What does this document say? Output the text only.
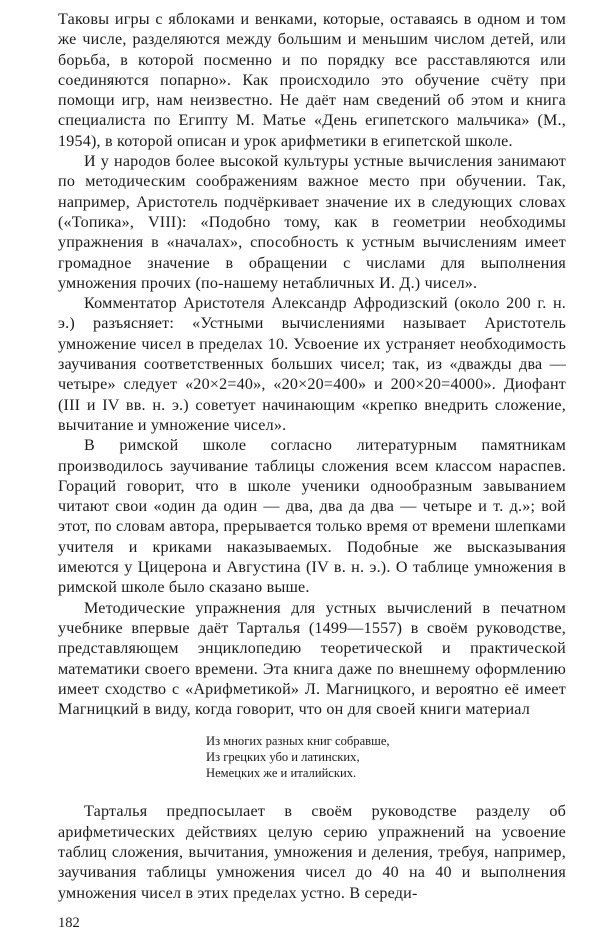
Таковы игры с яблоками и венками, которые, оставаясь в одном и том же числе, разделяются между большим и меньшим числом детей, или борьба, в которой посменно и по порядку все расставляются или соединяются попарно». Как происходило это обучение счёту при помощи игр, нам неизвестно. Не даёт нам сведений об этом и книга специалиста по Египту М. Матье «День египетского мальчика» (М., 1954), в которой описан и урок арифметики в египетской школе.

И у народов более высокой культуры устные вычисления занимают по методическим соображениям важное место при обучении. Так, например, Аристотель подчёркивает значение их в следующих словах («Топика», VIII): «Подобно тому, как в геометрии необходимы упражнения в «началах», способность к устным вычислениям имеет громадное значение в обращении с числами для выполнения умножения прочих (по-нашему нетабличных И. Д.) чисел».

Комментатор Аристотеля Александр Афродизский (около 200 г. н. э.) разъясняет: «Устными вычислениями называет Аристотель умножение чисел в пределах 10. Усвоение их устраняет необходимость заучивания соответственных больших чисел; так, из «дважды два — четыре» следует «20×2=40», «20×20=400» и 200×20=4000». Диофант (III и IV вв. н. э.) советует начинающим «крепко внедрить сложение, вычитание и умножение чисел».

В римской школе согласно литературным памятникам производилось заучивание таблицы сложения всем классом нараспев. Гораций говорит, что в школе ученики однообразным завыванием читают свои «один да один — два, два да два — четыре и т. д.»; вой этот, по словам автора, прерывается только время от времени шлепками учителя и криками наказываемых. Подобные же высказывания имеются у Цицерона и Августина (IV в. н. э.). О таблице умножения в римской школе было сказано выше.

Методические упражнения для устных вычислений в печатном учебнике впервые даёт Тарталья (1499—1557) в своём руководстве, представляющем энциклопедию теоретической и практической математики своего времени. Эта книга даже по внешнему оформлению имеет сходство с «Арифметикой» Л. Магницкого, и вероятно её имеет Магницкий в виду, когда говорит, что он для своей книги материал

Из многих разных книг собравше,
Из грецких убо и латинских,
Немецких же и италийских.

Тарталья предпосылает в своём руководстве разделу об арифметических действиях целую серию упражнений на усвоение таблиц сложения, вычитания, умножения и деления, требуя, например, заучивания таблицы умножения чисел до 40 на 40 и выполнения умножения чисел в этих пределах устно. В середи-

182
